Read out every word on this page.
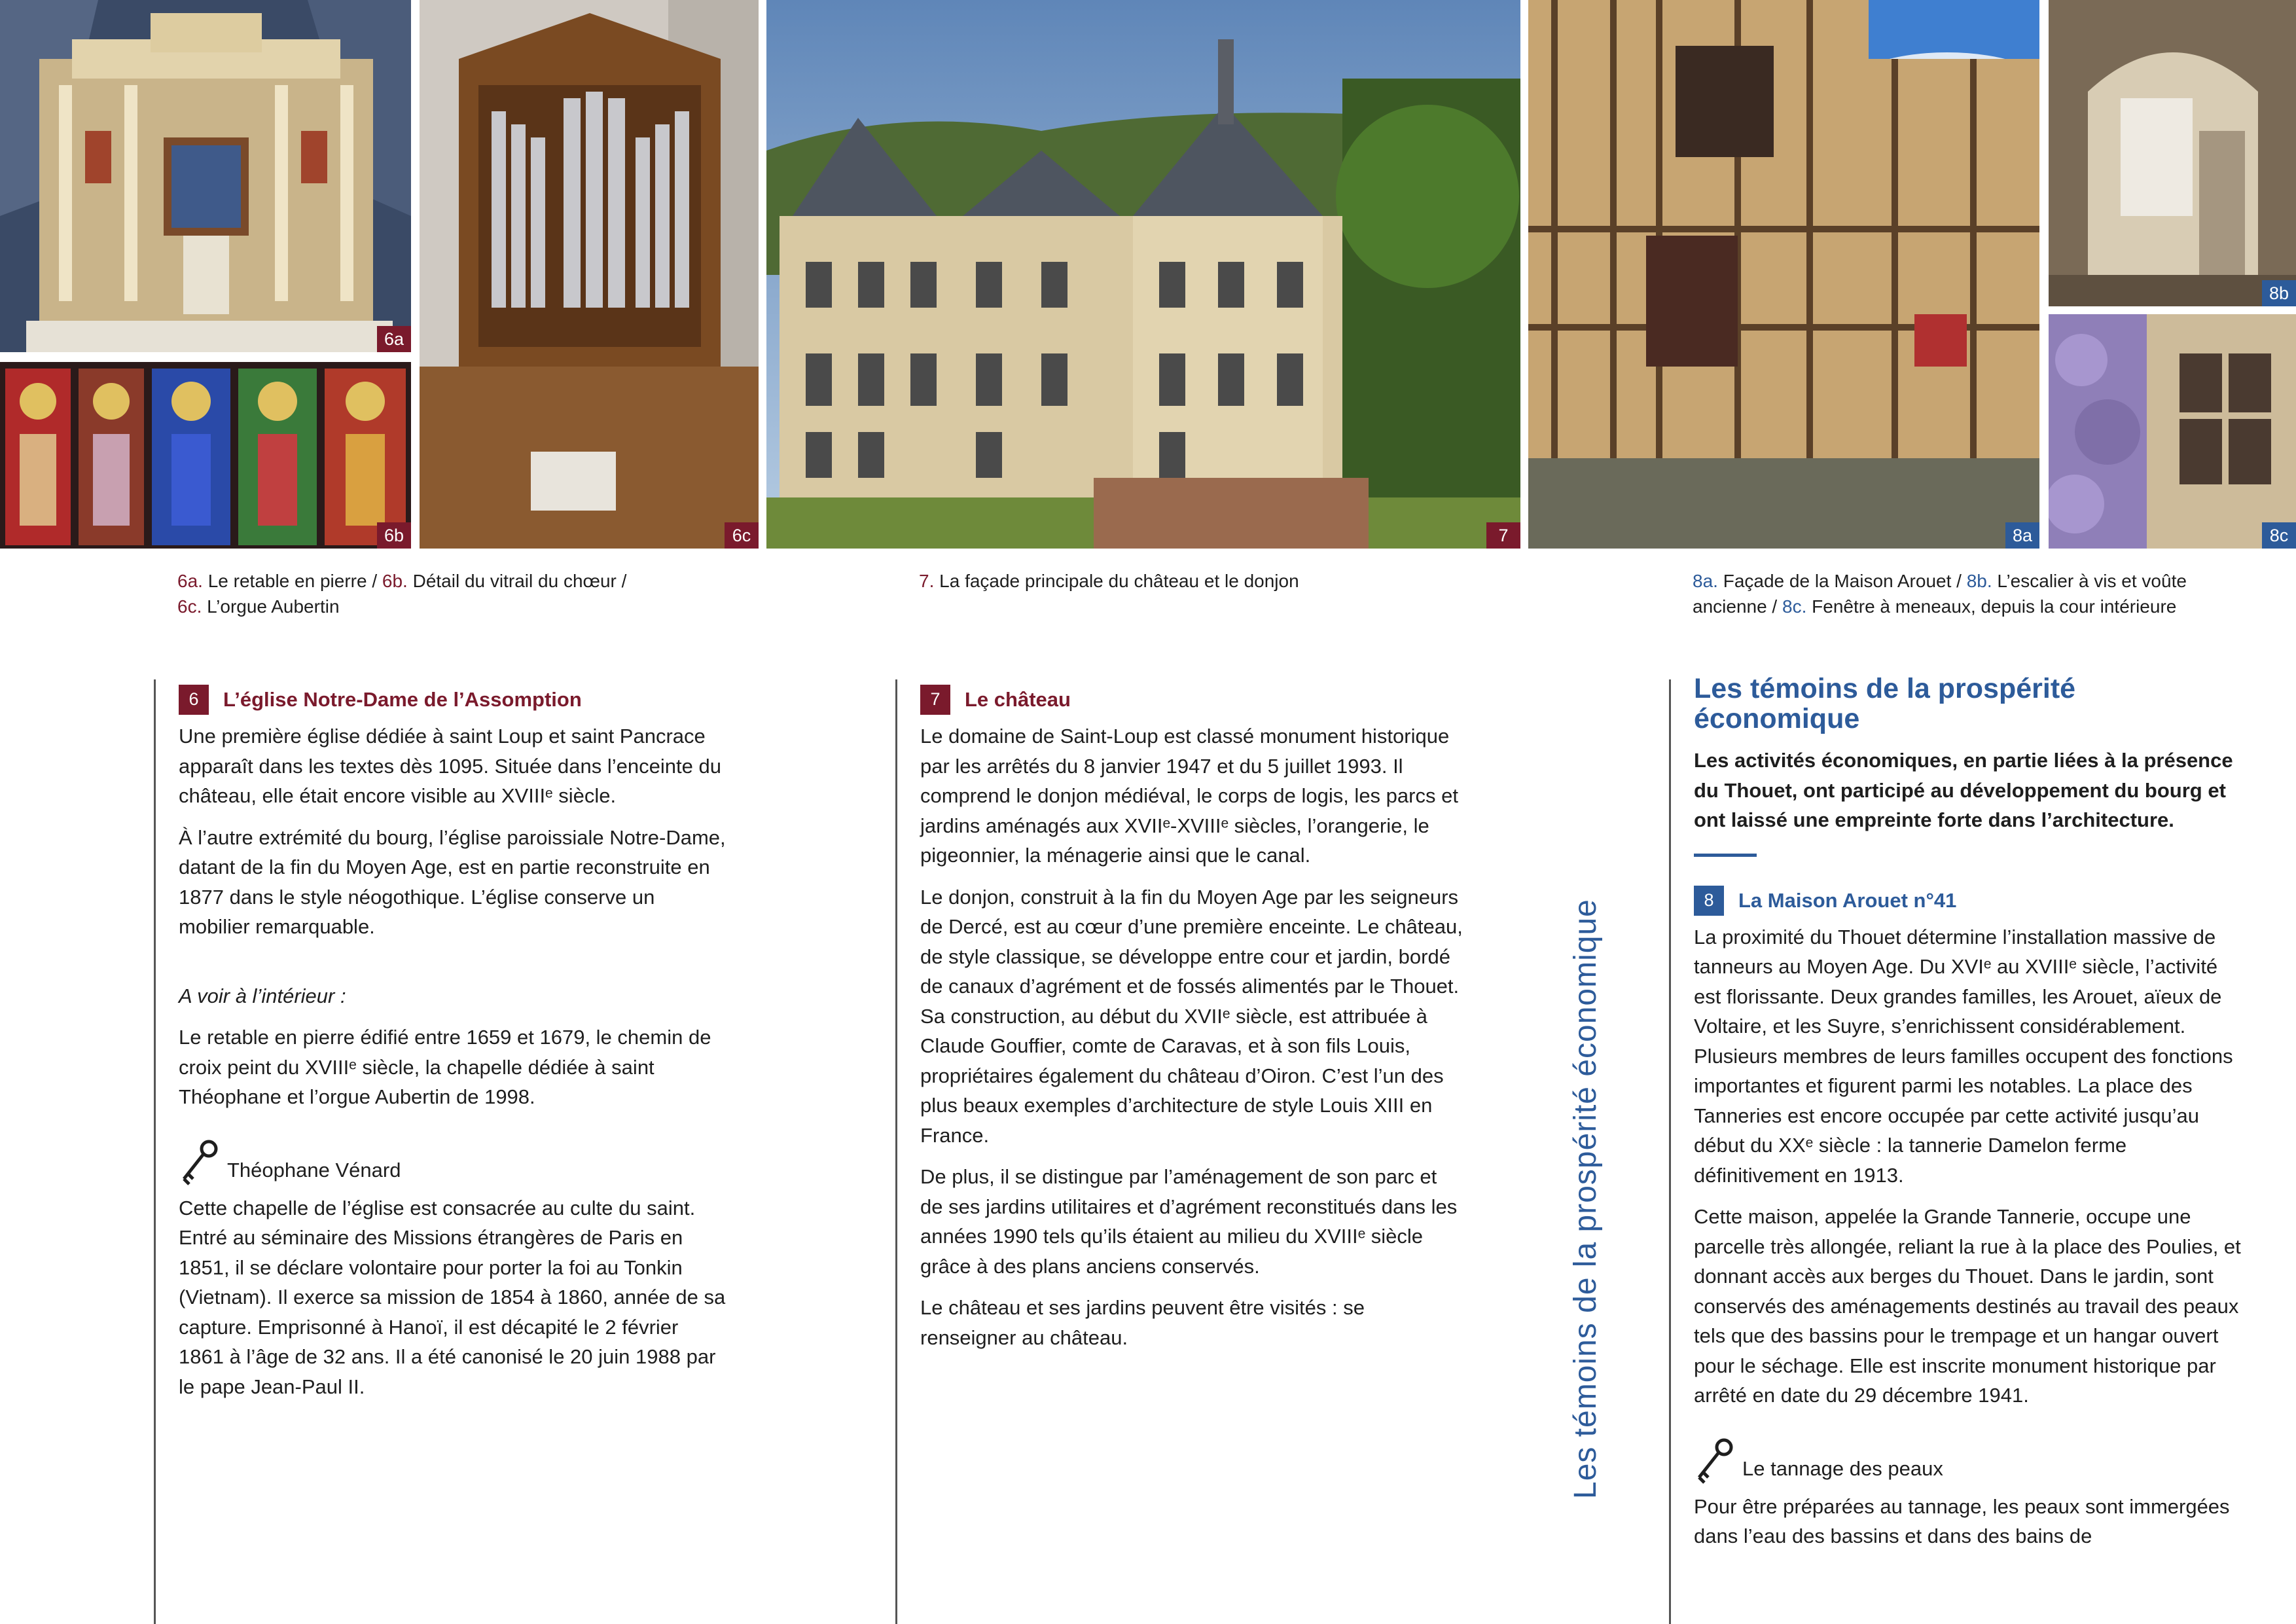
6a
6b	6c	7	8a
8b
8c
6a. Le retable en pierre / 6b. Détail du vitrail du chœur /
6c. L’orgue Aubertin
7. La façade principale du château et le donjon	8a. Façade de la Maison Arouet / 8b. L’escalier à vis et voûte
ancienne / 8c. Fenêtre à meneaux, depuis la cour intérieure
6	L’église Notre-Dame de l’Assomption

Une première église dédiée à saint Loup et saint Pancrace apparaît dans les textes dès 1095. Située dans l’enceinte du château, elle était encore visible au XVIIIᵉ siècle.

À l’autre extrémité du bourg, l’église paroissiale Notre-Dame, datant de la fin du Moyen Age, est en partie reconstruite en 1877 dans le style néogothique. L’église conserve un mobilier remarquable.

A voir à l’intérieur :

Le retable en pierre édifié entre 1659 et 1679, le chemin de croix peint du XVIIIᵉ siècle, la chapelle dédiée à saint Théophane et l’orgue Aubertin de 1998.

Théophane Vénard

Cette chapelle de l’église est consacrée au culte du saint. Entré au séminaire des Missions étrangères de Paris en 1851, il se déclare volontaire pour porter la foi au Tonkin (Vietnam). Il exerce sa mission de 1854 à 1860, année de sa capture. Emprisonné à Hanoï, il est décapité le 2 février 1861 à l’âge de 32 ans. Il a été canonisé le 20 juin 1988 par le pape Jean-Paul II.

7	Le château

Le domaine de Saint-Loup est classé monument historique par les arrêtés du 8 janvier 1947 et du 5 juillet 1993. Il comprend le donjon médiéval, le corps de logis, les parcs et jardins aménagés aux XVIIᵉ-XVIIIᵉ siècles, l’orangerie, le pigeonnier, la ménagerie ainsi que le canal.

Le donjon, construit à la fin du Moyen Age par les seigneurs de Dercé, est au cœur d’une première enceinte. Le château, de style classique, se développe entre cour et jardin, bordé de canaux d’agrément et de fossés alimentés par le Thouet. Sa construction, au début du XVIIᵉ siècle, est attribuée à Claude Gouffier, comte de Caravas, et à son fils Louis, propriétaires également du château d’Oiron. C’est l’un des plus beaux exemples d’architecture de style Louis XIII en France.

De plus, il se distingue par l’aménagement de son parc et de ses jardins utilitaires et d’agrément reconstitués dans les années 1990 tels qu’ils étaient au milieu du XVIIIᵉ siècle grâce à des plans anciens conservés.

Le château et ses jardins peuvent être visités : se renseigner au château.	Les témoins de la prospérité économique
Les témoins de la prospérité économique

Les activités économiques, en partie liées à la présence du Thouet, ont participé au développement du bourg et ont laissé une empreinte forte dans l’architecture.

8	La Maison Arouet n°41

La proximité du Thouet détermine l’installation massive de tanneurs au Moyen Age. Du XVIᵉ au XVIIIᵉ siècle, l’activité est florissante. Deux grandes familles, les Arouet, aïeux de Voltaire, et les Suyre, s’enrichissent considérablement. Plusieurs membres de leurs familles occupent des fonctions importantes et figurent parmi les notables. La place des Tanneries est encore occupée par cette activité jusqu’au début du XXᵉ siècle : la tannerie Damelon ferme définitivement en 1913.

Cette maison, appelée la Grande Tannerie, occupe une parcelle très allongée, reliant la rue à la place des Poulies, et donnant accès aux berges du Thouet. Dans le jardin, sont conservés des aménagements destinés au travail des peaux tels que des bassins pour le trempage et un hangar ouvert pour le séchage. Elle est inscrite monument historique par arrêté en date du 29 décembre 1941.

Le tannage des peaux

Pour être préparées au tannage, les peaux sont immergées dans l’eau des bassins et dans des bains de
